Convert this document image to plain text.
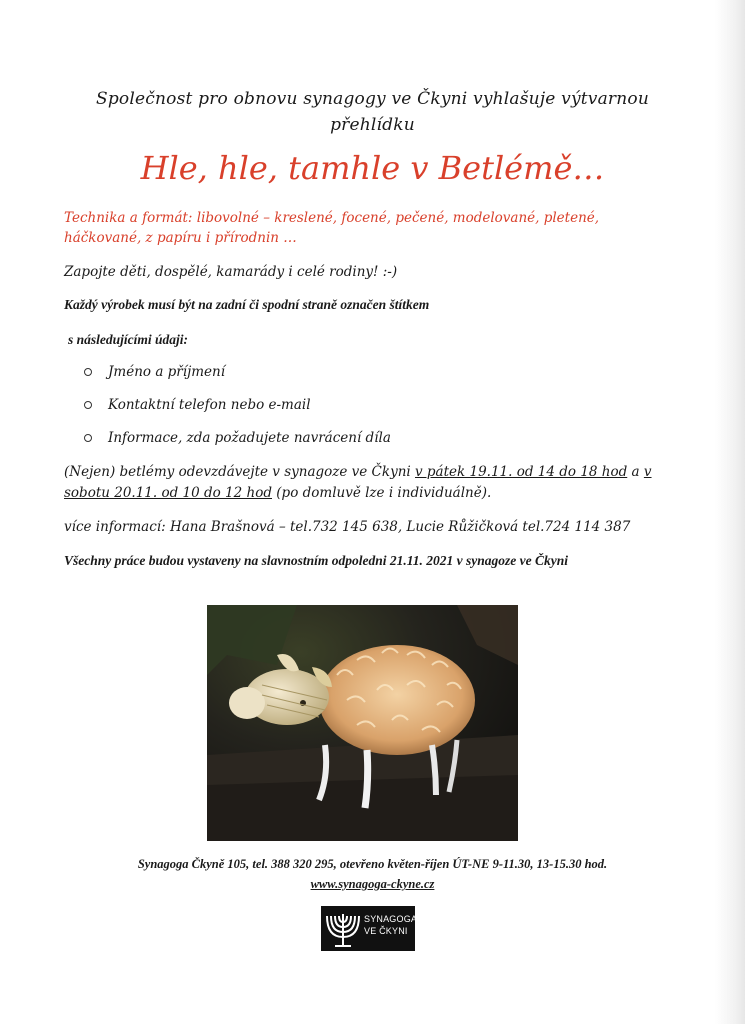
Společnost pro obnovu synagogy ve Čkyni vyhlašuje výtvarnou
přehlídku
Hle, hle, tamhle v Betlémě…
Technika a formát: libovolné – kreslené, focené, pečené, modelované, pletené, háčkované, z papíru i přírodnin …
Zapojte děti, dospělé, kamarády i celé rodiny! :-)
Každý výrobek musí být na zadní či spodní straně označen štítkem
s následujícími údaji:
Jméno a příjmení
Kontaktní telefon nebo e-mail
Informace, zda požadujete navrácení díla
(Nejen) betlémy odevzdávejte v synagoze ve Čkyni v pátek 19.11. od 14 do 18 hod a v sobotu 20.11. od 10 do 12 hod (po domluvě lze i individuálně).
více informací: Hana Brašnová – tel.732 145 638, Lucie Růžičková tel.724 114 387
Všechny práce budou vystaveny na slavnostním odpoledni 21.11. 2021 v synagoze ve Čkyni
Synagoga Čkyně 105, tel. 388 320 295, otevřeno květen-říjen ÚT-NE 9-11.30, 13-15.30 hod.
www.synagoga-ckyne.cz
SYNAGOGA
VE ČKYNI
